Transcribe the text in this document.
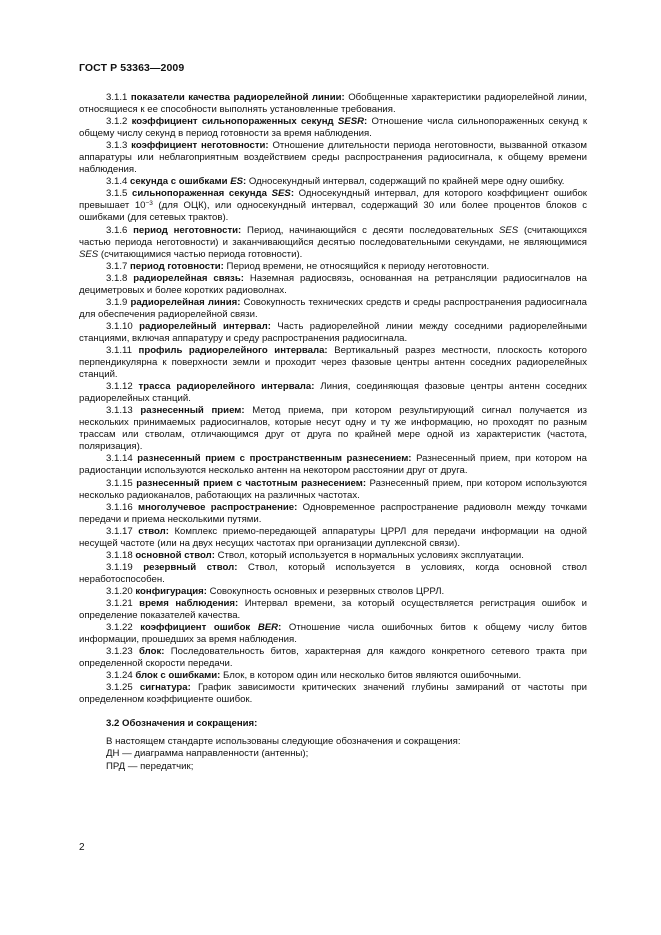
ГОСТ Р 53363—2009

3.1.1 показатели качества радиорелейной линии: Обобщенные характеристики радиорелейной линии, относящиеся к ее способности выполнять установленные требования.

3.1.2 коэффициент сильнопораженных секунд SESR: Отношение числа сильнопораженных секунд к общему числу секунд в период готовности за время наблюдения.

3.1.3 коэффициент неготовности: Отношение длительности периода неготовности, вызванной отказом аппаратуры или неблагоприятным воздействием среды распространения радиосигнала, к общему времени наблюдения.

3.1.4 секунда с ошибками ES: Односекундный интервал, содержащий по крайней мере одну ошибку.

3.1.5 сильнопораженная секунда SES: Односекундный интервал, для которого коэффициент ошибок превышает $10^{-3}$ (для ОЦК), или односекундный интервал, содержащий 30 или более процентов блоков с ошибками (для сетевых трактов).

3.1.6 период неготовности: Период, начинающийся с десяти последовательных SES (считающихся частью периода неготовности) и заканчивающийся десятью последовательными секундами, не являющимися SES (считающимися частью периода готовности).

3.1.7 период готовности: Период времени, не относящийся к периоду неготовности.

3.1.8 радиорелейная связь: Наземная радиосвязь, основанная на ретрансляции радиосигналов на дециметровых и более коротких радиоволнах.

3.1.9 радиорелейная линия: Совокупность технических средств и среды распространения радиосигнала для обеспечения радиорелейной связи.

3.1.10 радиорелейный интервал: Часть радиорелейной линии между соседними радиорелейными станциями, включая аппаратуру и среду распространения радиосигнала.

3.1.11 профиль радиорелейного интервала: Вертикальный разрез местности, плоскость которого перпендикулярна к поверхности земли и проходит через фазовые центры антенн соседних радиорелейных станций.

3.1.12 трасса радиорелейного интервала: Линия, соединяющая фазовые центры антенн соседних радиорелейных станций.

3.1.13 разнесенный прием: Метод приема, при котором результирующий сигнал получается из нескольких принимаемых радиосигналов, которые несут одну и ту же информацию, но проходят по разным трассам или стволам, отличающимся друг от друга по крайней мере одной из характеристик (частота, поляризация).

3.1.14 разнесенный прием с пространственным разнесением: Разнесенный прием, при котором на радиостанции используются несколько антенн на некотором расстоянии друг от друга.

3.1.15 разнесенный прием с частотным разнесением: Разнесенный прием, при котором используются несколько радиоканалов, работающих на различных частотах.

3.1.16 многолучевое распространение: Одновременное распространение радиоволн между точками передачи и приема несколькими путями.

3.1.17 ствол: Комплекс приемо-передающей аппаратуры ЦРРЛ для передачи информации на одной несущей частоте (или на двух несущих частотах при организации дуплексной связи).

3.1.18 основной ствол: Ствол, который используется в нормальных условиях эксплуатации.

3.1.19 резервный ствол: Ствол, который используется в условиях, когда основной ствол неработоспособен.

3.1.20 конфигурация: Совокупность основных и резервных стволов ЦРРЛ.

3.1.21 время наблюдения: Интервал времени, за который осуществляется регистрация ошибок и определение показателей качества.

3.1.22 коэффициент ошибок BER: Отношение числа ошибочных битов к общему числу битов информации, прошедших за время наблюдения.

3.1.23 блок: Последовательность битов, характерная для каждого конкретного сетевого тракта при определенной скорости передачи.

3.1.24 блок с ошибками: Блок, в котором один или несколько битов являются ошибочными.

3.1.25 сигнатура: График зависимости критических значений глубины замираний от частоты при определенном коэффициенте ошибок.

3.2 Обозначения и сокращения:

В настоящем стандарте использованы следующие обозначения и сокращения:

ДН — диаграмма направленности (антенны);

ПРД — передатчик;

2
